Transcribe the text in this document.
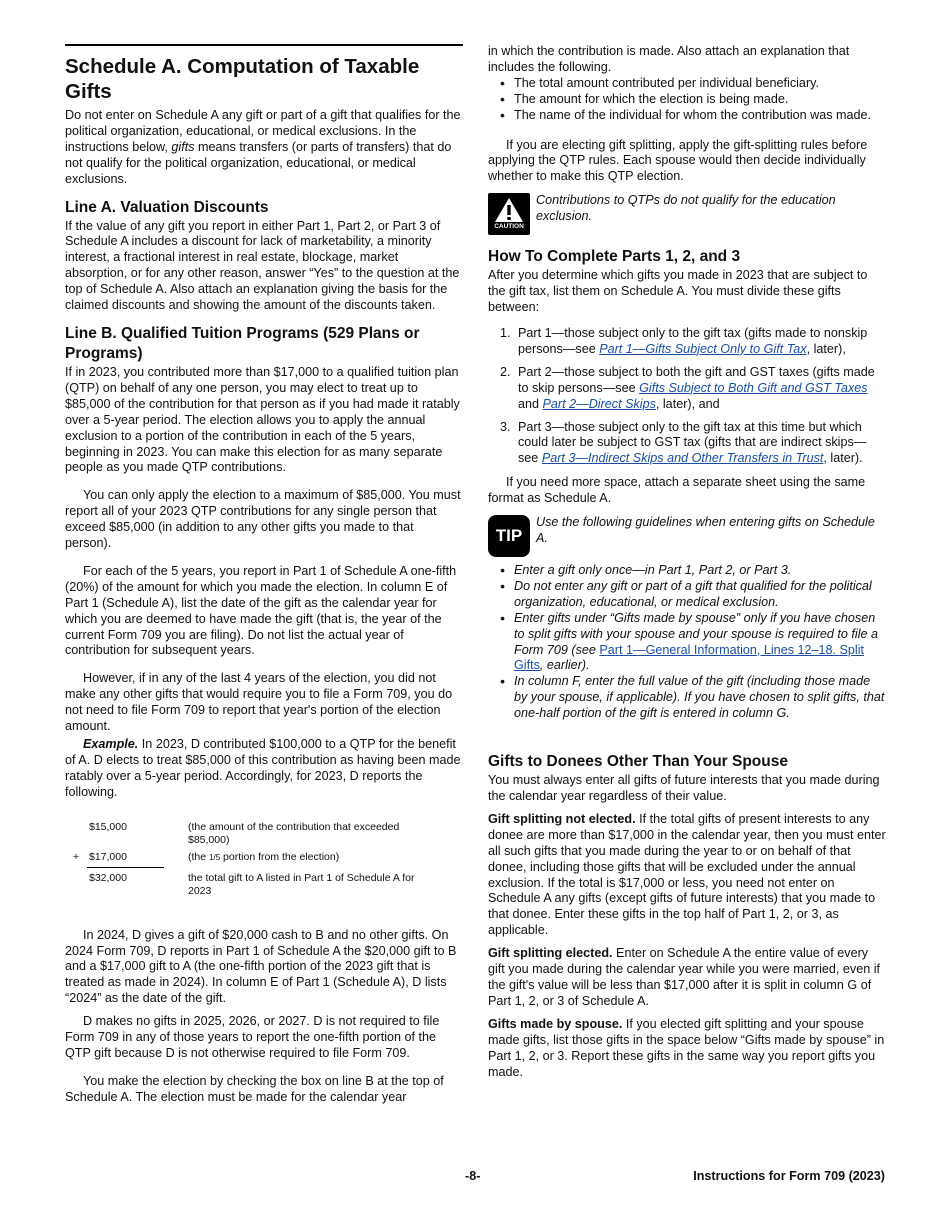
Schedule A. Computation of Taxable Gifts

Do not enter on Schedule A any gift or part of a gift that qualifies for the political organization, educational, or medical exclusions. In the instructions below, gifts means transfers (or parts of transfers) that do not qualify for the political organization, educational, or medical exclusions.

Line A. Valuation Discounts

If the value of any gift you report in either Part 1, Part 2, or Part 3 of Schedule A includes a discount for lack of marketability, a minority interest, a fractional interest in real estate, blockage, market absorption, or for any other reason, answer “Yes” to the question at the top of Schedule A. Also attach an explanation giving the basis for the claimed discounts and showing the amount of the discounts taken.

Line B. Qualified Tuition Programs (529 Plans or Programs)

If in 2023, you contributed more than $17,000 to a qualified tuition plan (QTP) on behalf of any one person, you may elect to treat up to $85,000 of the contribution for that person as if you had made it ratably over a 5-year period. The election allows you to apply the annual exclusion to a portion of the contribution in each of the 5 years, beginning in 2023. You can make this election for as many separate people as you made QTP contributions.

You can only apply the election to a maximum of $85,000. You must report all of your 2023 QTP contributions for any single person that exceed $85,000 (in addition to any other gifts you made to that person).

For each of the 5 years, you report in Part 1 of Schedule A one-fifth (20%) of the amount for which you made the election. In column E of Part 1 (Schedule A), list the date of the gift as the calendar year for which you are deemed to have made the gift (that is, the year of the current Form 709 you are filing). Do not list the actual year of contribution for subsequent years.

However, if in any of the last 4 years of the election, you did not make any other gifts that would require you to file a Form 709, you do not need to file Form 709 to report that year's portion of the election amount.

Example. In 2023, D contributed $100,000 to a QTP for the benefit of A. D elects to treat $85,000 of this contribution as having been made ratably over a 5-year period. Accordingly, for 2023, D reports the following.

$15,000	(the amount of the contribution that exceeded $85,000)
+ $17,000	(the 1/5 portion from the election)
$32,000	the total gift to A listed in Part 1 of Schedule A for 2023

In 2024, D gives a gift of $20,000 cash to B and no other gifts. On 2024 Form 709, D reports in Part 1 of Schedule A the $20,000 gift to B and a $17,000 gift to A (the one-fifth portion of the 2023 gift that is treated as made in 2024). In column E of Part 1 (Schedule A), D lists “2024” as the date of the gift.

D makes no gifts in 2025, 2026, or 2027. D is not required to file Form 709 in any of those years to report the one-fifth portion of the QTP gift because D is not otherwise required to file Form 709.

You make the election by checking the box on line B at the top of Schedule A. The election must be made for the calendar year

in which the contribution is made. Also attach an explanation that includes the following.

• The total amount contributed per individual beneficiary.
• The amount for which the election is being made.
• The name of the individual for whom the contribution was made.

If you are electing gift splitting, apply the gift-splitting rules before applying the QTP rules. Each spouse would then decide individually whether to make this QTP election.

CAUTION
Contributions to QTPs do not qualify for the education exclusion.
How To Complete Parts 1, 2, and 3

After you determine which gifts you made in 2023 that are subject to the gift tax, list them on Schedule A. You must divide these gifts between:

1. Part 1—those subject only to the gift tax (gifts made to nonskip persons—see Part 1—Gifts Subject Only to Gift Tax, later),
2. Part 2—those subject to both the gift and GST taxes (gifts made to skip persons—see Gifts Subject to Both Gift and GST Taxes and Part 2—Direct Skips, later), and
3. Part 3—those subject only to the gift tax at this time but which could later be subject to GST tax (gifts that are indirect skips—see Part 3—Indirect Skips and Other Transfers in Trust, later).

If you need more space, attach a separate sheet using the same format as Schedule A.

TIP
Use the following guidelines when entering gifts on Schedule A.
• Enter a gift only once—in Part 1, Part 2, or Part 3.
• Do not enter any gift or part of a gift that qualified for the political organization, educational, or medical exclusion.
• Enter gifts under “Gifts made by spouse” only if you have chosen to split gifts with your spouse and your spouse is required to file a Form 709 (see Part 1—General Information, Lines 12–18. Split Gifts, earlier).
• In column F, enter the full value of the gift (including those made by your spouse, if applicable). If you have chosen to split gifts, that one-half portion of the gift is entered in column G.
Gifts to Donees Other Than Your Spouse

You must always enter all gifts of future interests that you made during the calendar year regardless of their value.

Gift splitting not elected. If the total gifts of present interests to any donee are more than $17,000 in the calendar year, then you must enter all such gifts that you made during the year to or on behalf of that donee, including those gifts that will be excluded under the annual exclusion. If the total is $17,000 or less, you need not enter on Schedule A any gifts (except gifts of future interests) that you made to that donee. Enter these gifts in the top half of Part 1, 2, or 3, as applicable.

Gift splitting elected. Enter on Schedule A the entire value of every gift you made during the calendar year while you were married, even if the gift's value will be less than $17,000 after it is split in column G of Part 1, 2, or 3 of Schedule A.

Gifts made by spouse. If you elected gift splitting and your spouse made gifts, list those gifts in the space below “Gifts made by spouse” in Part 1, 2, or 3. Report these gifts in the same way you report gifts you made.

-8-	Instructions for Form 709 (2023)
